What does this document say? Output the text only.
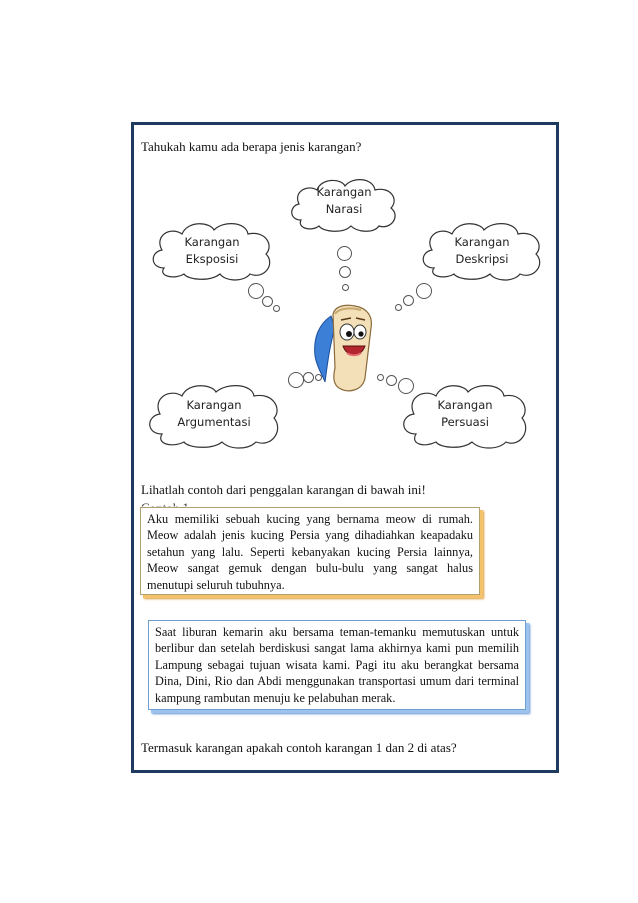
Tahukah kamu ada berapa jenis karangan?
Karangan
Narasi
Karangan
Eksposisi
Karangan
Deskripsi
Karangan
Argumentasi
Karangan
Persuasi
Lihatlah contoh dari penggalan karangan di bawah ini!

Aku memiliki sebuah kucing yang bernama meow di rumah. Meow adalah jenis kucing Persia yang dihadiahkan keapadaku setahun yang lalu. Seperti kebanyakan kucing Persia lainnya, Meow sangat gemuk dengan bulu-bulu yang sangat halus menutupi seluruh tubuhnya.

Saat liburan kemarin aku bersama teman-temanku memutuskan untuk berlibur dan setelah berdiskusi sangat lama akhirnya kami pun memilih Lampung sebagai tujuan wisata kami. Pagi itu aku berangkat bersama Dina, Dini, Rio dan Abdi menggunakan transportasi umum dari terminal kampung rambutan menuju ke pelabuhan merak.

Termasuk karangan apakah contoh karangan 1 dan 2 di atas?
